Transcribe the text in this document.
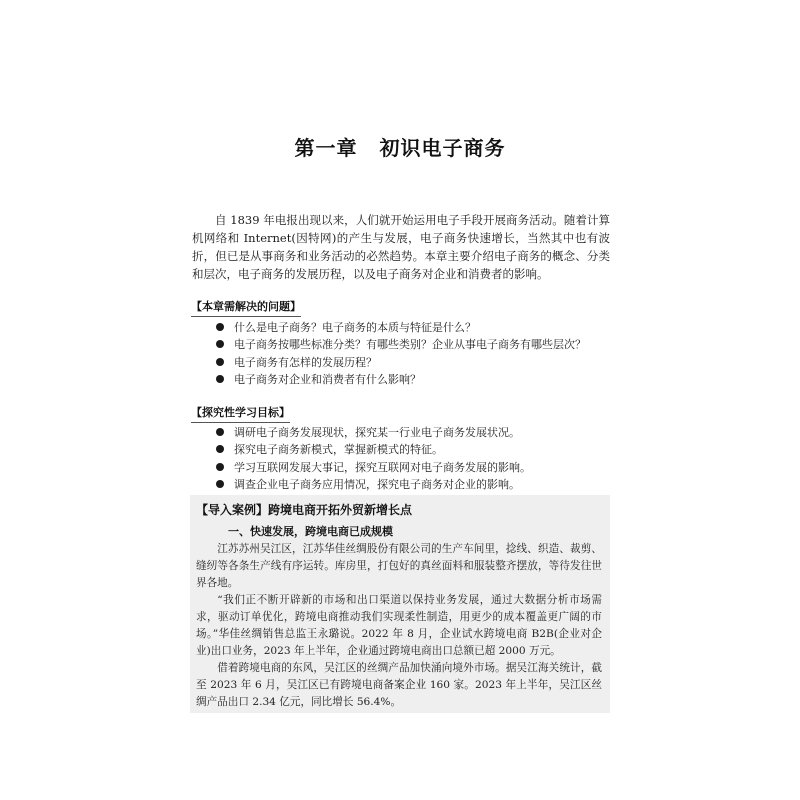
第一章 初识电子商务

自 1839 年电报出现以来，人们就开始运用电子手段开展商务活动。随着计算机网络和 Internet(因特网)的产生与发展，电子商务快速增长，当然其中也有波折，但已是从事商务和业务活动的必然趋势。本章主要介绍电子商务的概念、分类和层次，电子商务的发展历程，以及电子商务对企业和消费者的影响。

【本章需解决的问题】
什么是电子商务？电子商务的本质与特征是什么？
电子商务按哪些标准分类？有哪些类别？企业从事电子商务有哪些层次？
电子商务有怎样的发展历程？
电子商务对企业和消费者有什么影响？
【探究性学习目标】
调研电子商务发展现状，探究某一行业电子商务发展状况。
探究电子商务新模式，掌握新模式的特征。
学习互联网发展大事记，探究互联网对电子商务发展的影响。
调查企业电子商务应用情况，探究电子商务对企业的影响。
【导入案例】跨境电商开拓外贸新增长点
一、快速发展，跨境电商已成规模

江苏苏州吴江区，江苏华佳丝绸股份有限公司的生产车间里，捻线、织造、裁剪、缝纫等各条生产线有序运转。库房里，打包好的真丝面料和服装整齐摆放，等待发往世界各地。

“我们正不断开辟新的市场和出口渠道以保持业务发展，通过大数据分析市场需求，驱动订单优化，跨境电商推动我们实现柔性制造，用更少的成本覆盖更广阔的市场。”华佳丝绸销售总监王永璐说。2022 年 8 月，企业试水跨境电商 B2B(企业对企业)出口业务，2023 年上半年，企业通过跨境电商出口总额已超 2000 万元。

借着跨境电商的东风，吴江区的丝绸产品加快涌向境外市场。据吴江海关统计，截至 2023 年 6 月，吴江区已有跨境电商备案企业 160 家。2023 年上半年，吴江区丝绸产品出口 2.34 亿元，同比增长 56.4%。
